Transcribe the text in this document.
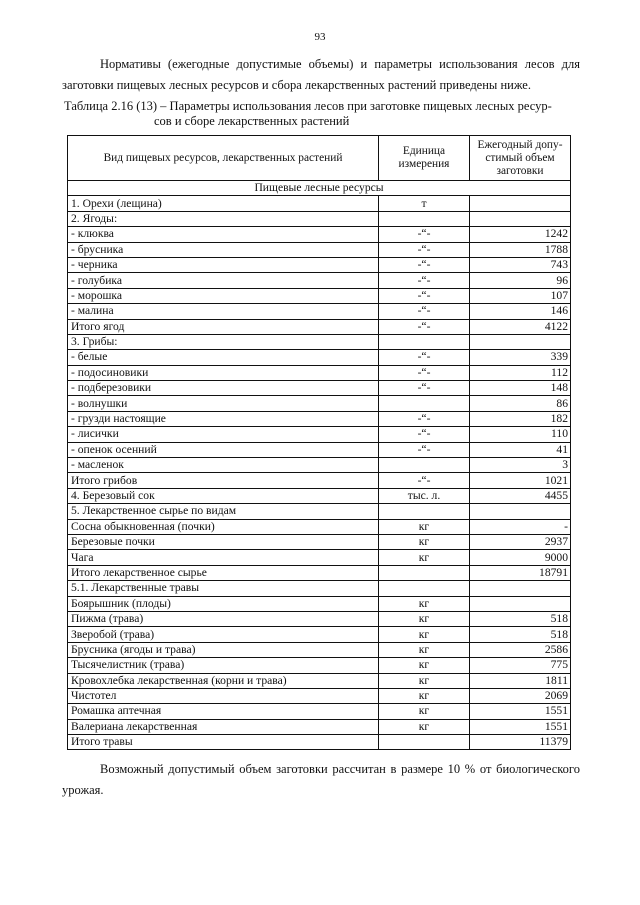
93

Нормативы (ежегодные допустимые объемы) и параметры использования лесов для заготовки пищевых лесных ресурсов и сбора лекарственных растений приведены ниже.

Таблица 2.16 (13) – Параметры использования лесов при заготовке пищевых лесных ресур-
сов и сборе лекарственных растений

Вид пищевых ресурсов, лекарственных растений	Единица измерения	Ежегодный допу-стимый объем заготовки
Пищевые лесные ресурсы		
1. Орехи (лещина)	т	
2. Ягоды:		
- клюква	-“-	1242
- брусника	-“-	1788
- черника	-“-	743
- голубика	-“-	96
- морошка	-“-	107
- малина	-“-	146
Итого ягод	-“-	4122
3. Грибы:		
- белые	-“-	339
- подосиновики	-“-	112
- подберезовики	-“-	148
- волнушки		86
- грузди настоящие	-“-	182
- лисички	-“-	110
- опенок осенний	-“-	41
- масленок		3
Итого грибов	-“-	1021
4. Березовый сок	тыс. л.	4455
5. Лекарственное сырье по видам		
Сосна обыкновенная (почки)	кг	-
Березовые почки	кг	2937
Чага	кг	9000
Итого лекарственное сырье		18791
5.1. Лекарственные травы		
Боярышник (плоды)	кг	
Пижма (трава)	кг	518
Зверобой (трава)	кг	518
Брусника (ягоды и трава)	кг	2586
Тысячелистник (трава)	кг	775
Кровохлебка лекарственная (корни и трава)	кг	1811
Чистотел	кг	2069
Ромашка аптечная	кг	1551
Валериана лекарственная	кг	1551
Итого травы		11379

Возможный допустимый объем заготовки рассчитан в размере 10 % от биологического урожая.
